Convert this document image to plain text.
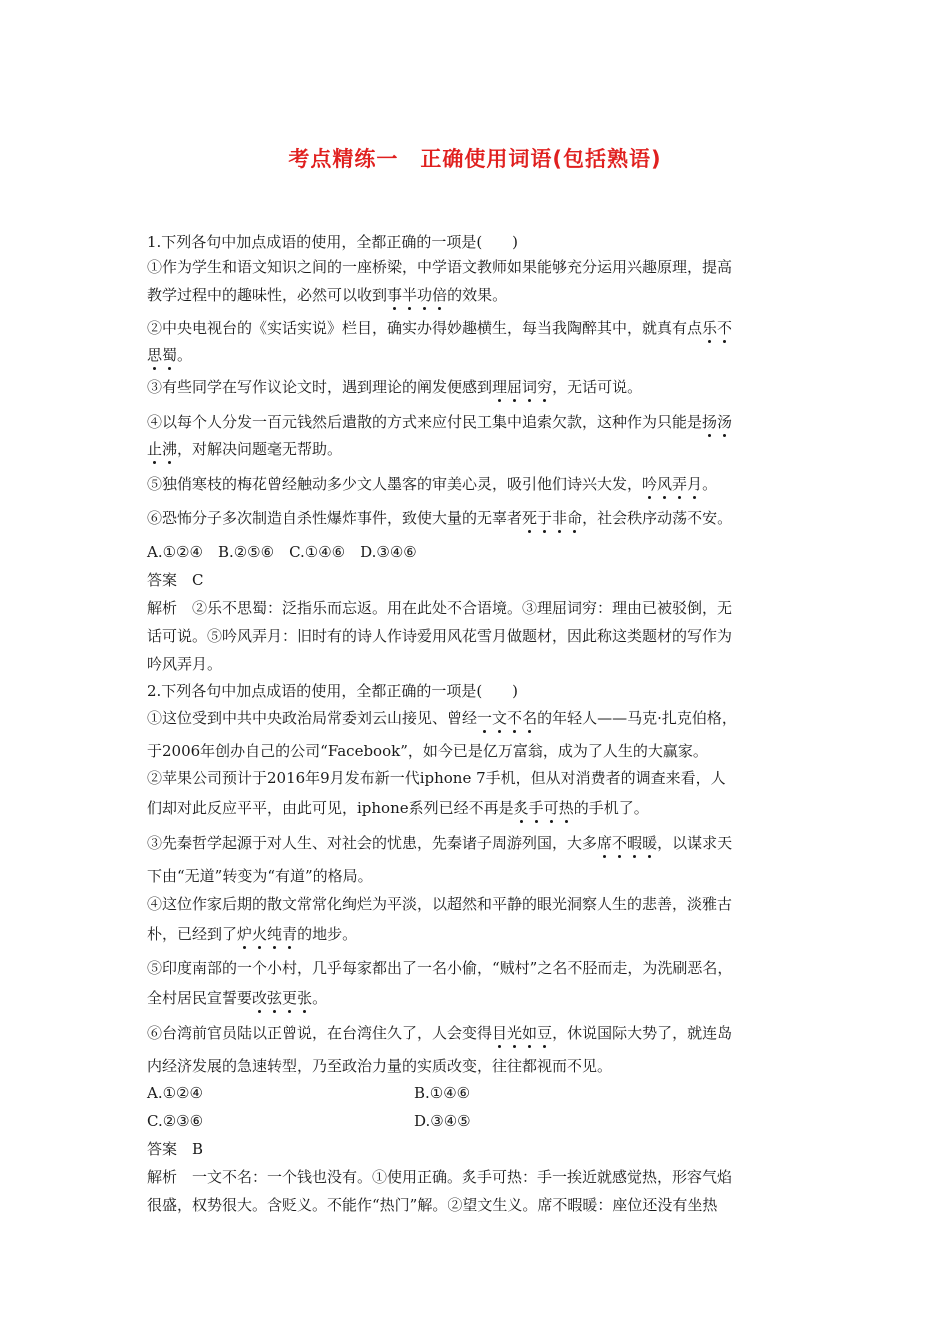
考点精练一　正确使用词语(包括熟语)
1.下列各句中加点成语的使用，全都正确的一项是(　　)
①作为学生和语文知识之间的一座桥梁，中学语文教师如果能够充分运用兴趣原理，提高
教学过程中的趣味性，必然可以收到事半功倍的效果。
②中央电视台的《实话实说》栏目，确实办得妙趣横生，每当我陶醉其中，就真有点乐不
思蜀。
③有些同学在写作议论文时，遇到理论的阐发便感到理屈词穷，无话可说。
④以每个人分发一百元钱然后遣散的方式来应付民工集中追索欠款，这种作为只能是扬汤
止沸，对解决问题毫无帮助。
⑤独俏寒枝的梅花曾经触动多少文人墨客的审美心灵，吸引他们诗兴大发，吟风弄月。
⑥恐怖分子多次制造自杀性爆炸事件，致使大量的无辜者死于非命，社会秩序动荡不安。
A.①②④　B.②⑤⑥　C.①④⑥　D.③④⑥
答案　C
解析　②乐不思蜀：泛指乐而忘返。用在此处不合语境。③理屈词穷：理由已被驳倒，无
话可说。⑤吟风弄月：旧时有的诗人作诗爱用风花雪月做题材，因此称这类题材的写作为
吟风弄月。
2.下列各句中加点成语的使用，全都正确的一项是(　　)
①这位受到中共中央政治局常委刘云山接见、曾经一文不名的年轻人——马克·扎克伯格，
于2006年创办自己的公司“Facebook”，如今已是亿万富翁，成为了人生的大赢家。
②苹果公司预计于2016年9月发布新一代iphone 7手机，但从对消费者的调查来看，人
们却对此反应平平，由此可见，iphone系列已经不再是炙手可热的手机了。
③先秦哲学起源于对人生、对社会的忧患，先秦诸子周游列国，大多席不暇暖，以谋求天
下由“无道”转变为“有道”的格局。
④这位作家后期的散文常常化绚烂为平淡，以超然和平静的眼光洞察人生的悲善，淡雅古
朴，已经到了炉火纯青的地步。
⑤印度南部的一个小村，几乎每家都出了一名小偷，“贼村”之名不胫而走，为洗刷恶名，
全村居民宣誓要改弦更张。
⑥台湾前官员陆以正曾说，在台湾住久了，人会变得目光如豆，休说国际大势了，就连岛
内经济发展的急速转型，乃至政治力量的实质改变，往往都视而不见。
A.①②④	B.①④⑥
C.②③⑥	D.③④⑤
答案　B
解析　一文不名：一个钱也没有。①使用正确。炙手可热：手一挨近就感觉热，形容气焰
很盛，权势很大。含贬义。不能作“热门”解。②望文生义。席不暇暖：座位还没有坐热
